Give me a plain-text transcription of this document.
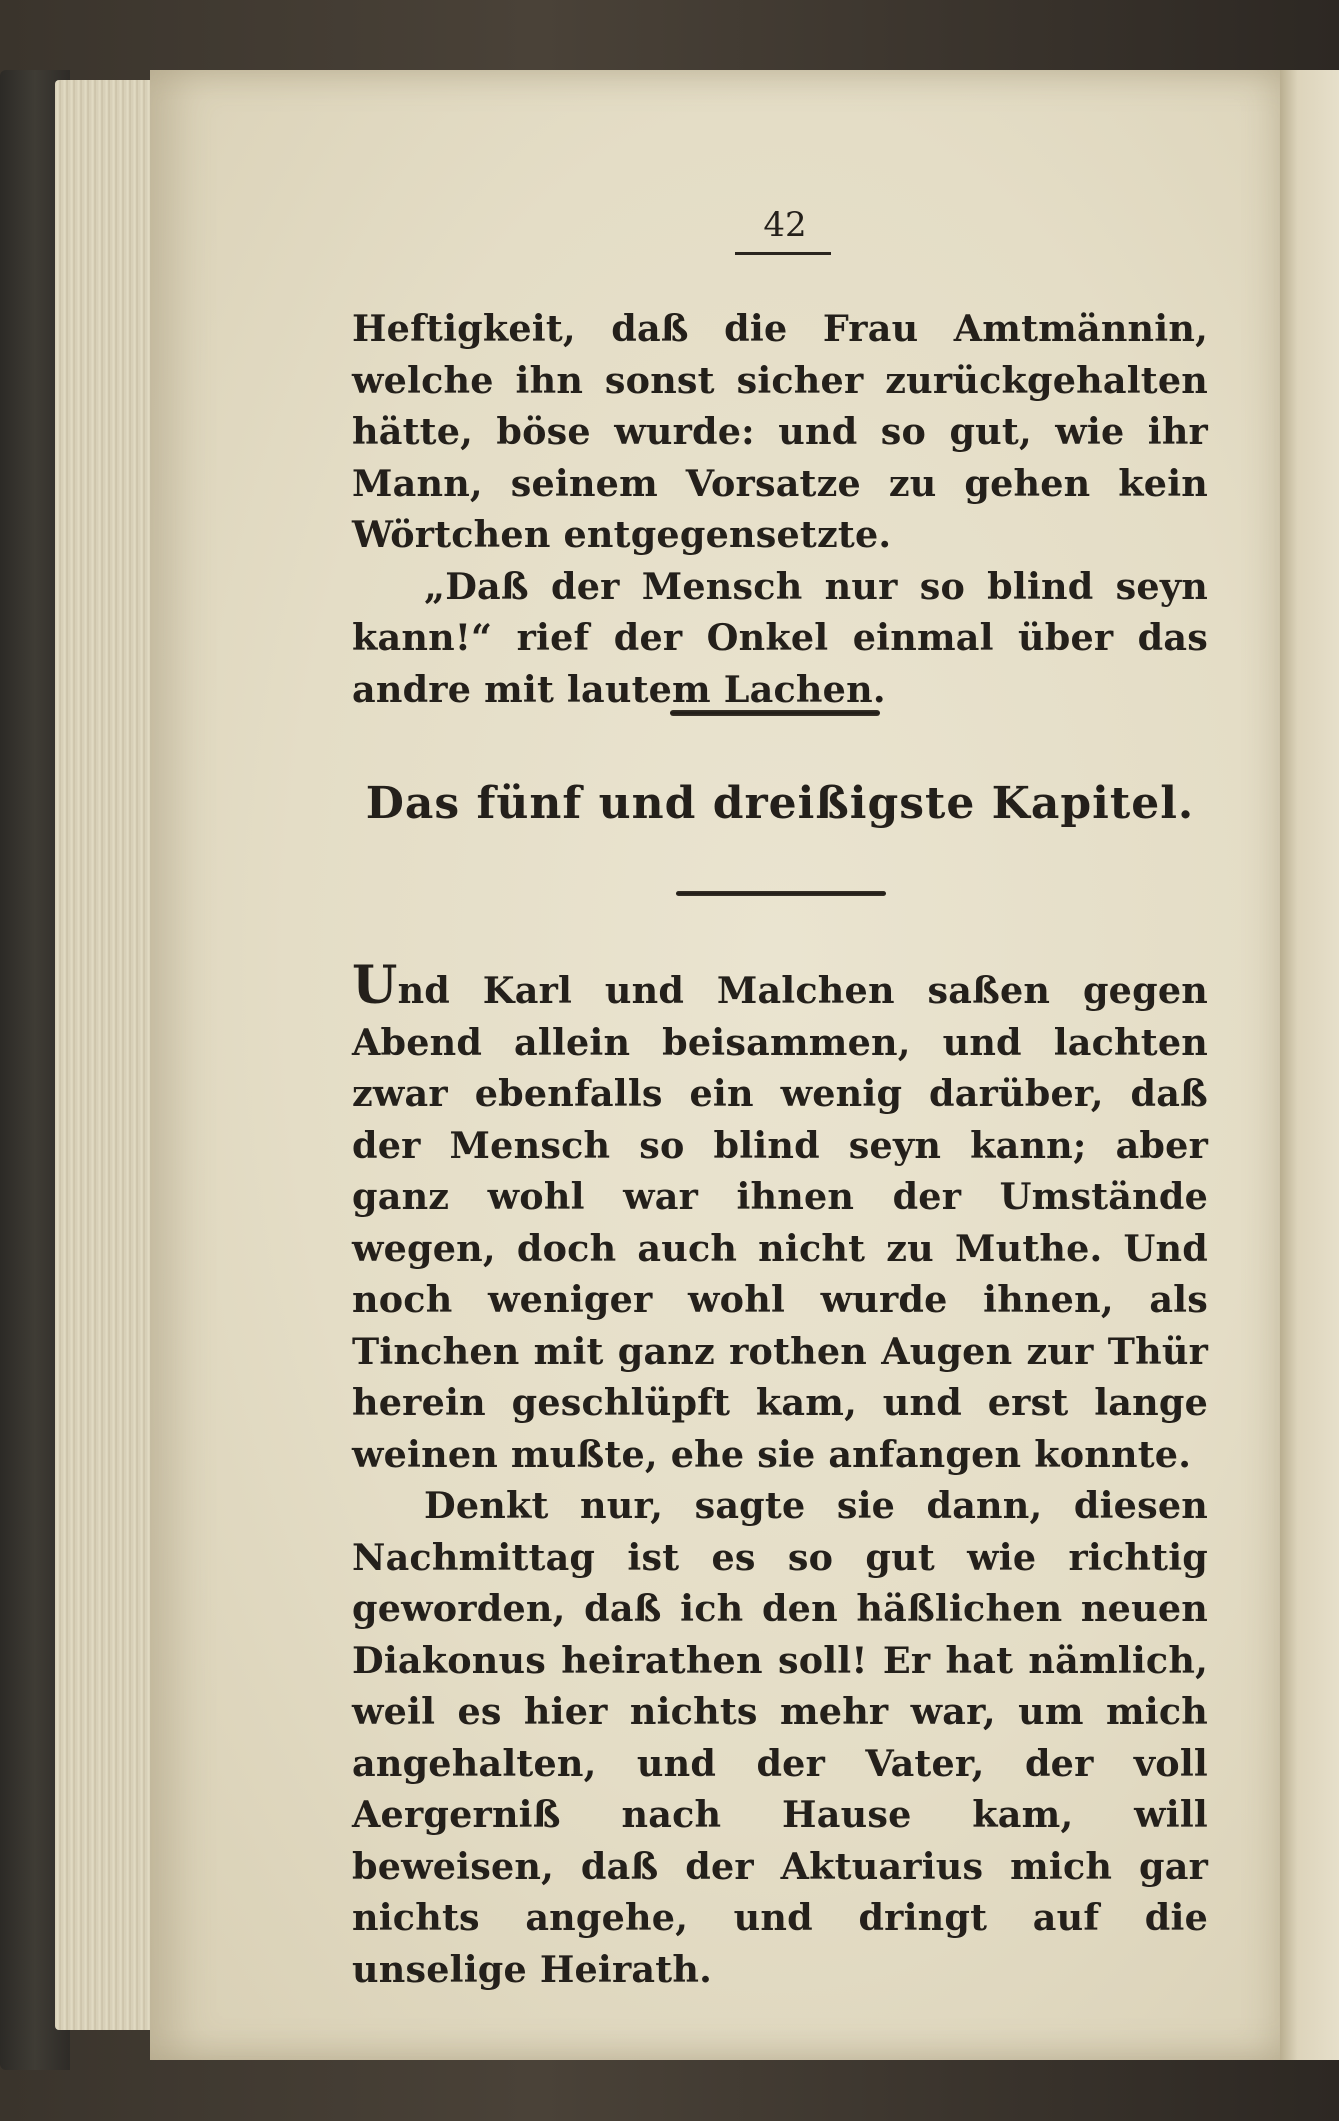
42

Heftigkeit, daß die Frau Amtmännin, welche ihn sonst sicher zurückgehalten hätte, böse wurde: und so gut, wie ihr Mann, seinem Vorsatze zu gehen kein Wörtchen entgegensetzte.

„Daß der Mensch nur so blind seyn kann!“ rief der Onkel einmal über das andre mit lautem Lachen.

Das fünf und dreißigste Kapitel.

Und Karl und Malchen saßen gegen Abend allein beisammen, und lachten zwar ebenfalls ein wenig darüber, daß der Mensch so blind seyn kann; aber ganz wohl war ihnen der Umstände wegen, doch auch nicht zu Muthe. Und noch weniger wohl wurde ihnen, als Tinchen mit ganz rothen Augen zur Thür herein geschlüpft kam, und erst lange weinen mußte, ehe sie anfangen konnte.

Denkt nur, sagte sie dann, diesen Nachmittag ist es so gut wie richtig geworden, daß ich den häßlichen neuen Diakonus heirathen soll! Er hat nämlich, weil es hier nichts mehr war, um mich angehalten, und der Vater, der voll Aergerniß nach Hause kam, will beweisen, daß der Aktuarius mich gar nichts angehe, und dringt auf die unselige Heirath.
